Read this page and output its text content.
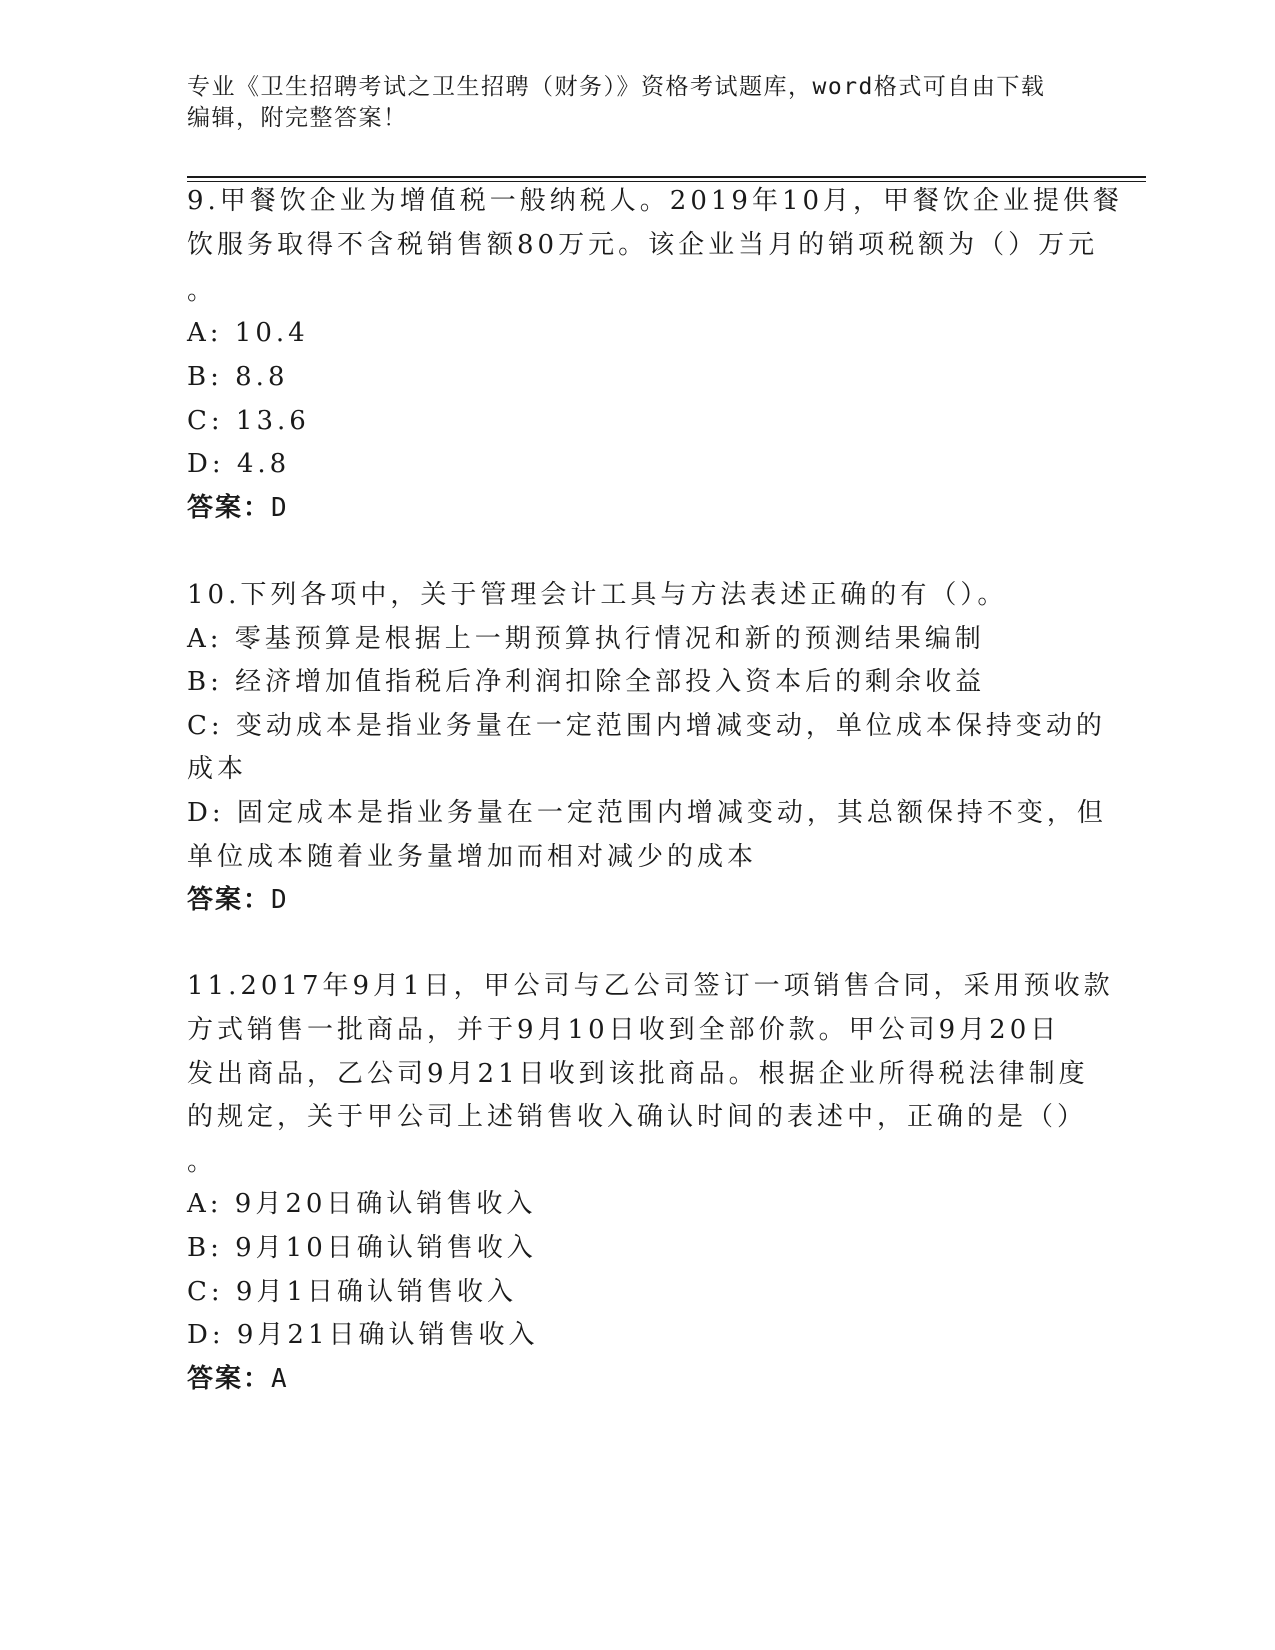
专业《卫生招聘考试之卫生招聘（财务）》资格考试题库，word格式可自由下载编辑，附完整答案！
9.甲餐饮企业为增值税一般纳税人。2019年10月，甲餐饮企业提供餐
饮服务取得不含税销售额80万元。该企业当月的销项税额为（）万元
。
A: 10.4
B: 8.8
C: 13.6
D: 4.8
答案：D
10.下列各项中，关于管理会计工具与方法表述正确的有（）。
A: 零基预算是根据上一期预算执行情况和新的预测结果编制
B: 经济增加值指税后净利润扣除全部投入资本后的剩余收益
C: 变动成本是指业务量在一定范围内增减变动，单位成本保持变动的
成本
D: 固定成本是指业务量在一定范围内增减变动，其总额保持不变，但
单位成本随着业务量增加而相对减少的成本
答案：D
11.2017年9月1日，甲公司与乙公司签订一项销售合同，采用预收款
方式销售一批商品，并于9月10日收到全部价款。甲公司9月20日
发出商品，乙公司9月21日收到该批商品。根据企业所得税法律制度
的规定，关于甲公司上述销售收入确认时间的表述中，正确的是（）
。
A: 9月20日确认销售收入
B: 9月10日确认销售收入
C: 9月1日确认销售收入
D: 9月21日确认销售收入
答案：A
